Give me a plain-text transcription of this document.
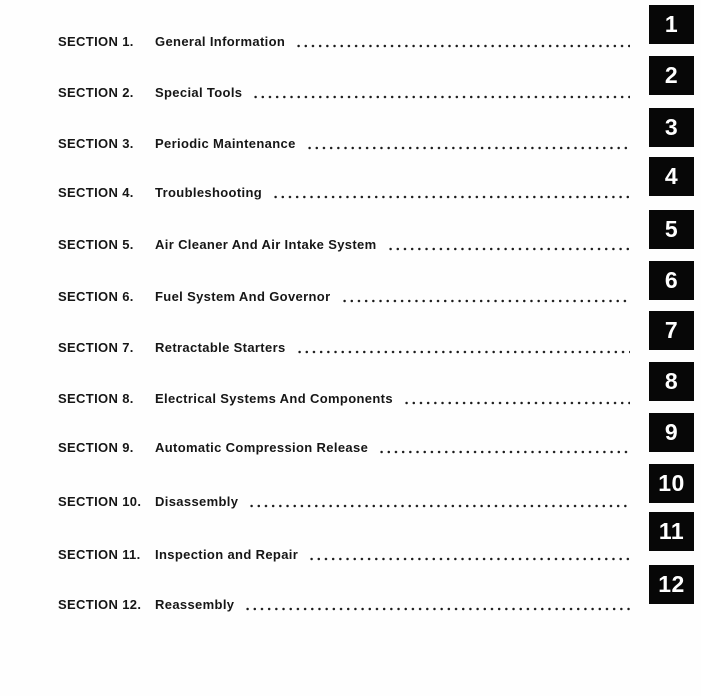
SECTION 1.	General Information
SECTION 2.	Special Tools
SECTION 3.	Periodic Maintenance
SECTION 4.	Troubleshooting
SECTION 5.	Air Cleaner And Air Intake System
SECTION 6.	Fuel System And Governor
SECTION 7.	Retractable Starters
SECTION 8.	Electrical Systems And Components
SECTION 9.	Automatic Compression Release
SECTION 10.	Disassembly
SECTION 11.	Inspection and Repair
SECTION 12.	Reassembly
1
2
3
4
5
6
7
8
9
10
11
12
